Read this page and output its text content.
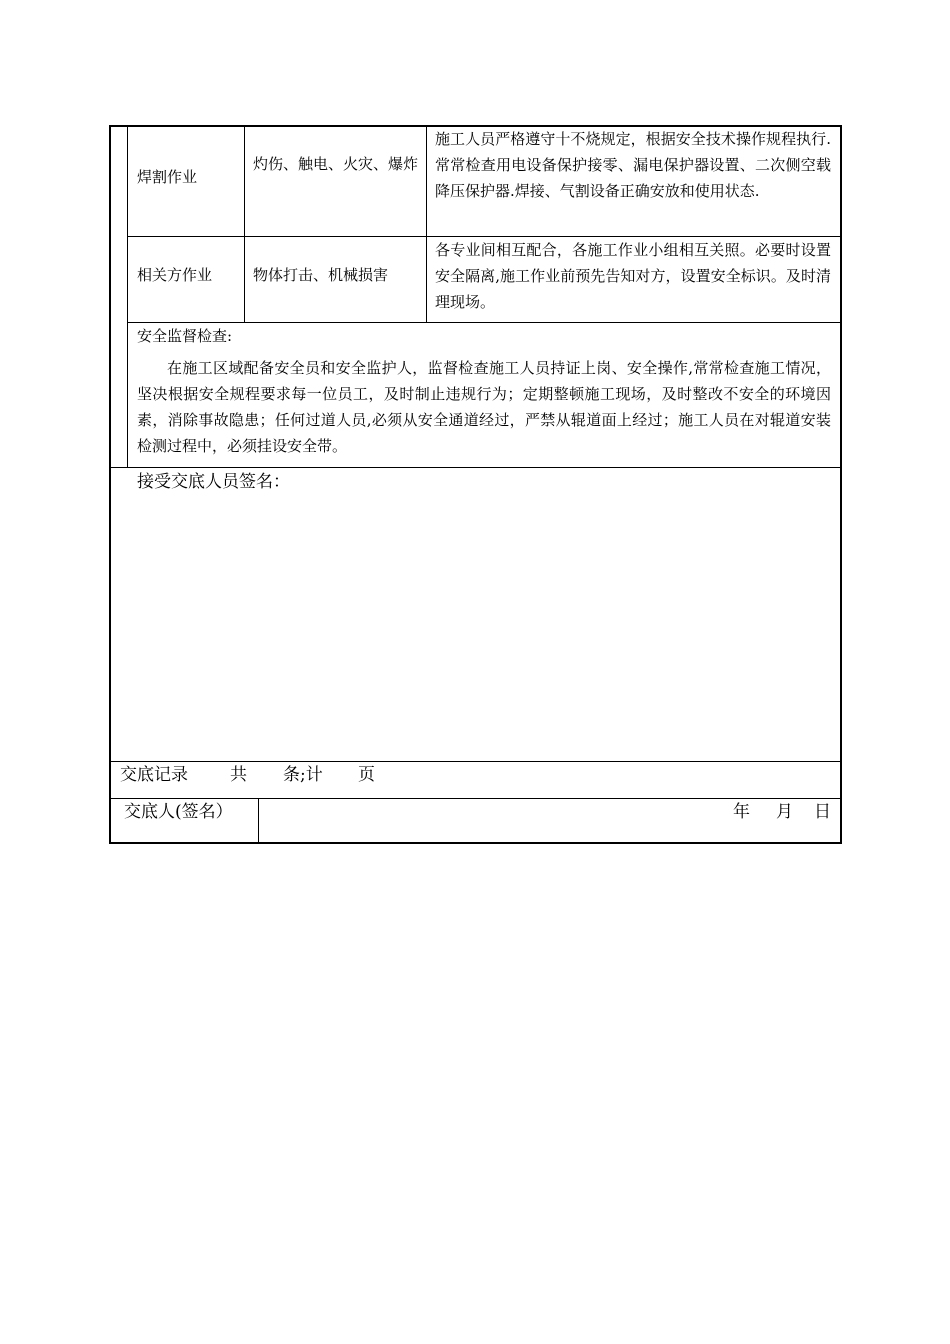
焊割作业
灼伤、触电、火灾、爆炸
施工人员严格遵守十不烧规定，根据安全技术操作规程执行.常常检查用电设备保护接零、漏电保护器设置、二次侧空载降压保护器.焊接、气割设备正确安放和使用状态.
相关方作业	物体打击、机械损害
各专业间相互配合，各施工作业小组相互关照。必要时设置安全隔离,施工作业前预先告知对方，设置安全标识。及时清理现场。
安全监督检查:
在施工区域配备安全员和安全监护人，监督检查施工人员持证上岗、安全操作,常常检查施工情况，坚决根据安全规程要求每一位员工，及时制止违规行为；定期整顿施工现场，及时整改不安全的环境因素，消除事故隐患；任何过道人员,必须从安全通道经过，严禁从辊道面上经过；施工人员在对辊道安装检测过程中，必须挂设安全带。
接受交底人员签名：
交底记录 共 条;计 页
交底人(签名）	年 月 日
